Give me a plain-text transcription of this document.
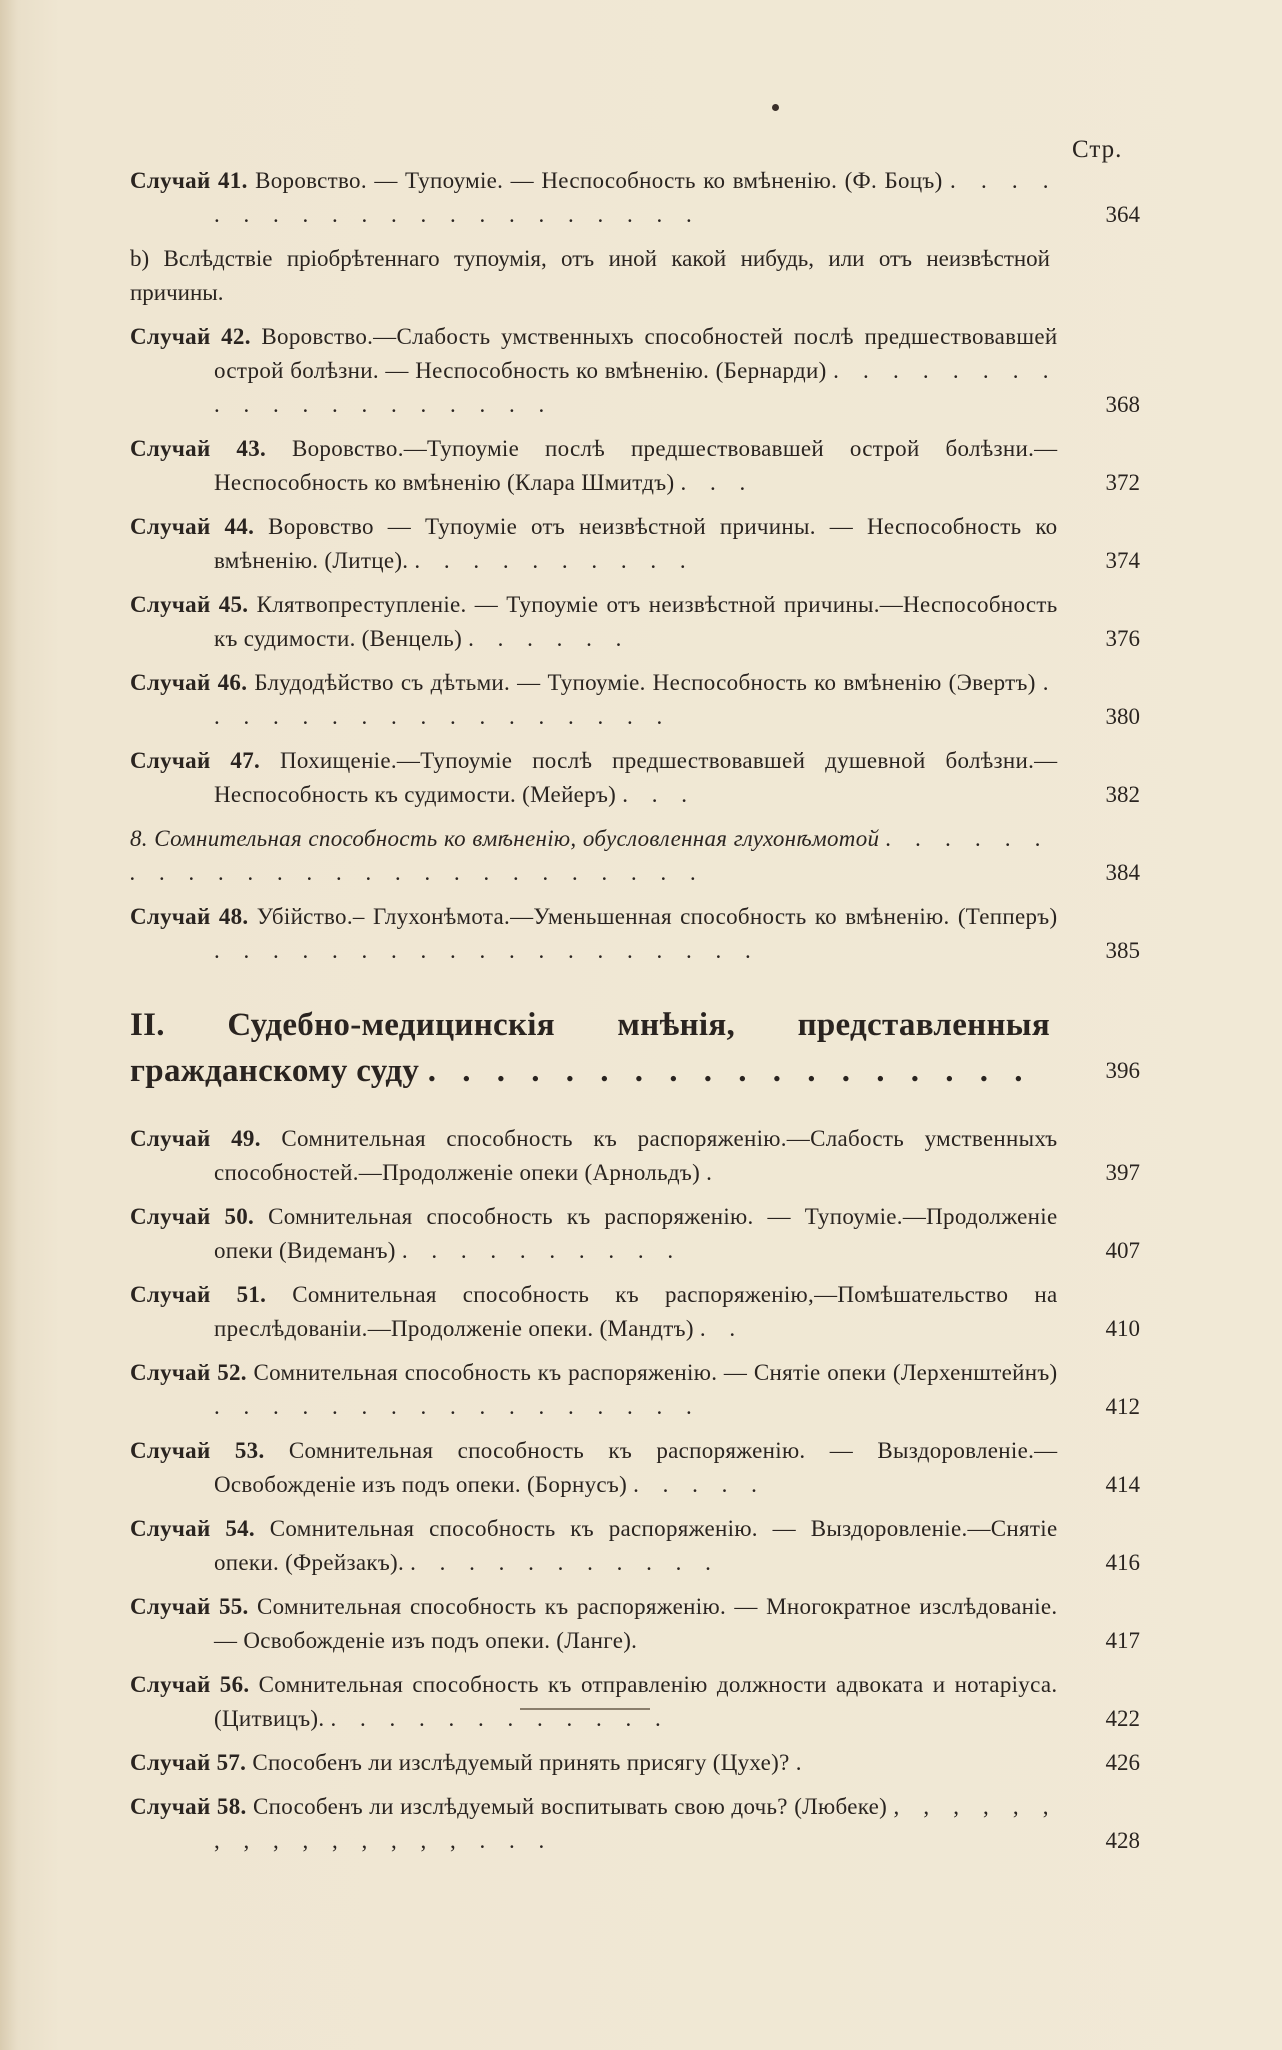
Стр.
Случай 41. Воровство. — Тупоуміе. — Неспособность ко вмѣненію. (Ф. Боцъ) . . . . . . . . . . . . . . . . . . . . .	364
b) Вслѣдствіе пріобрѣтеннаго тупоумія, отъ иной какой нибудь, или отъ неизвѣстной причины.
Случай 42. Воровство.—Слабость умственныхъ способностей послѣ предшествовавшей острой болѣзни. — Неспособность ко вмѣненію. (Бернарди) . . . . . . . . . . . . . . . . . . . .	368
Случай 43. Воровство.—Тупоуміе послѣ предшествовавшей острой болѣзни.—Неспособность ко вмѣненію (Клара Шмитдъ) . . .	372
Случай 44. Воровство — Тупоуміе отъ неизвѣстной причины. — Неспособность ко вмѣненію. (Литце). . . . . . . . . . .	374
Случай 45. Клятвопреступленіе. — Тупоуміе отъ неизвѣстной причины.—Неспособность къ судимости. (Венцель) . . . . . .	376
Случай 46. Блудодѣйство съ дѣтьми. — Тупоуміе. Неспособность ко вмѣненію (Эвертъ) . . . . . . . . . . . . . . . . .	380
Случай 47. Похищеніе.—Тупоуміе послѣ предшествовавшей душевной болѣзни.—Неспособность къ судимости. (Мейеръ) . . .	382
8. Сомнительная способность ко вмѣненію, обусловленная глухонѣмотой . . . . . . . . . . . . . . . . . . . . . . . . . .	384
Случай 48. Убійство.– Глухонѣмота.—Уменьшенная способность ко вмѣненію. (Тепперъ) . . . . . . . . . . . . . . . . . . .	385
II. Судебно-медицинскія мнѣнія, представленныя гражданскому суду . . . . . . . . . . . . . . . . . .	396
Случай 49. Сомнительная способность къ распоряженію.—Слабость умственныхъ способностей.—Продолженіе опеки (Арнольдъ) .	397
Случай 50. Сомнительная способность къ распоряженію. — Тупоуміе.—Продолженіе опеки (Видеманъ) . . . . . . . . . .	407
Случай 51. Сомнительная способность къ распоряженію,—Помѣшательство на преслѣдованіи.—Продолженіе опеки. (Мандтъ) . .	410
Случай 52. Сомнительная способность къ распоряженію. — Снятіе опеки (Лерхенштейнъ) . . . . . . . . . . . . . . . . .	412
Случай 53. Сомнительная способность къ распоряженію. — Выздоровленіе.—Освобожденіе изъ подъ опеки. (Борнусъ) . . . . .	414
Случай 54. Сомнительная способность къ распоряженію. — Выздоровленіе.—Снятіе опеки. (Фрейзакъ). . . . . . . . . . . .	416
Случай 55. Сомнительная способность къ распоряженію. — Многократное изслѣдованіе.— Освобожденіе изъ подъ опеки. (Ланге).	417
Случай 56. Сомнительная способность къ отправленію должности адвоката и нотаріуса. (Цитвицъ). . . . . . . . . . . . .	422
Случай 57. Способенъ ли изслѣдуемый принять присягу (Цухе)? .	426
Случай 58. Способенъ ли изслѣдуемый воспитывать свою дочь? (Любеке) , , , , , , , , , , , , , , , . . .	428
